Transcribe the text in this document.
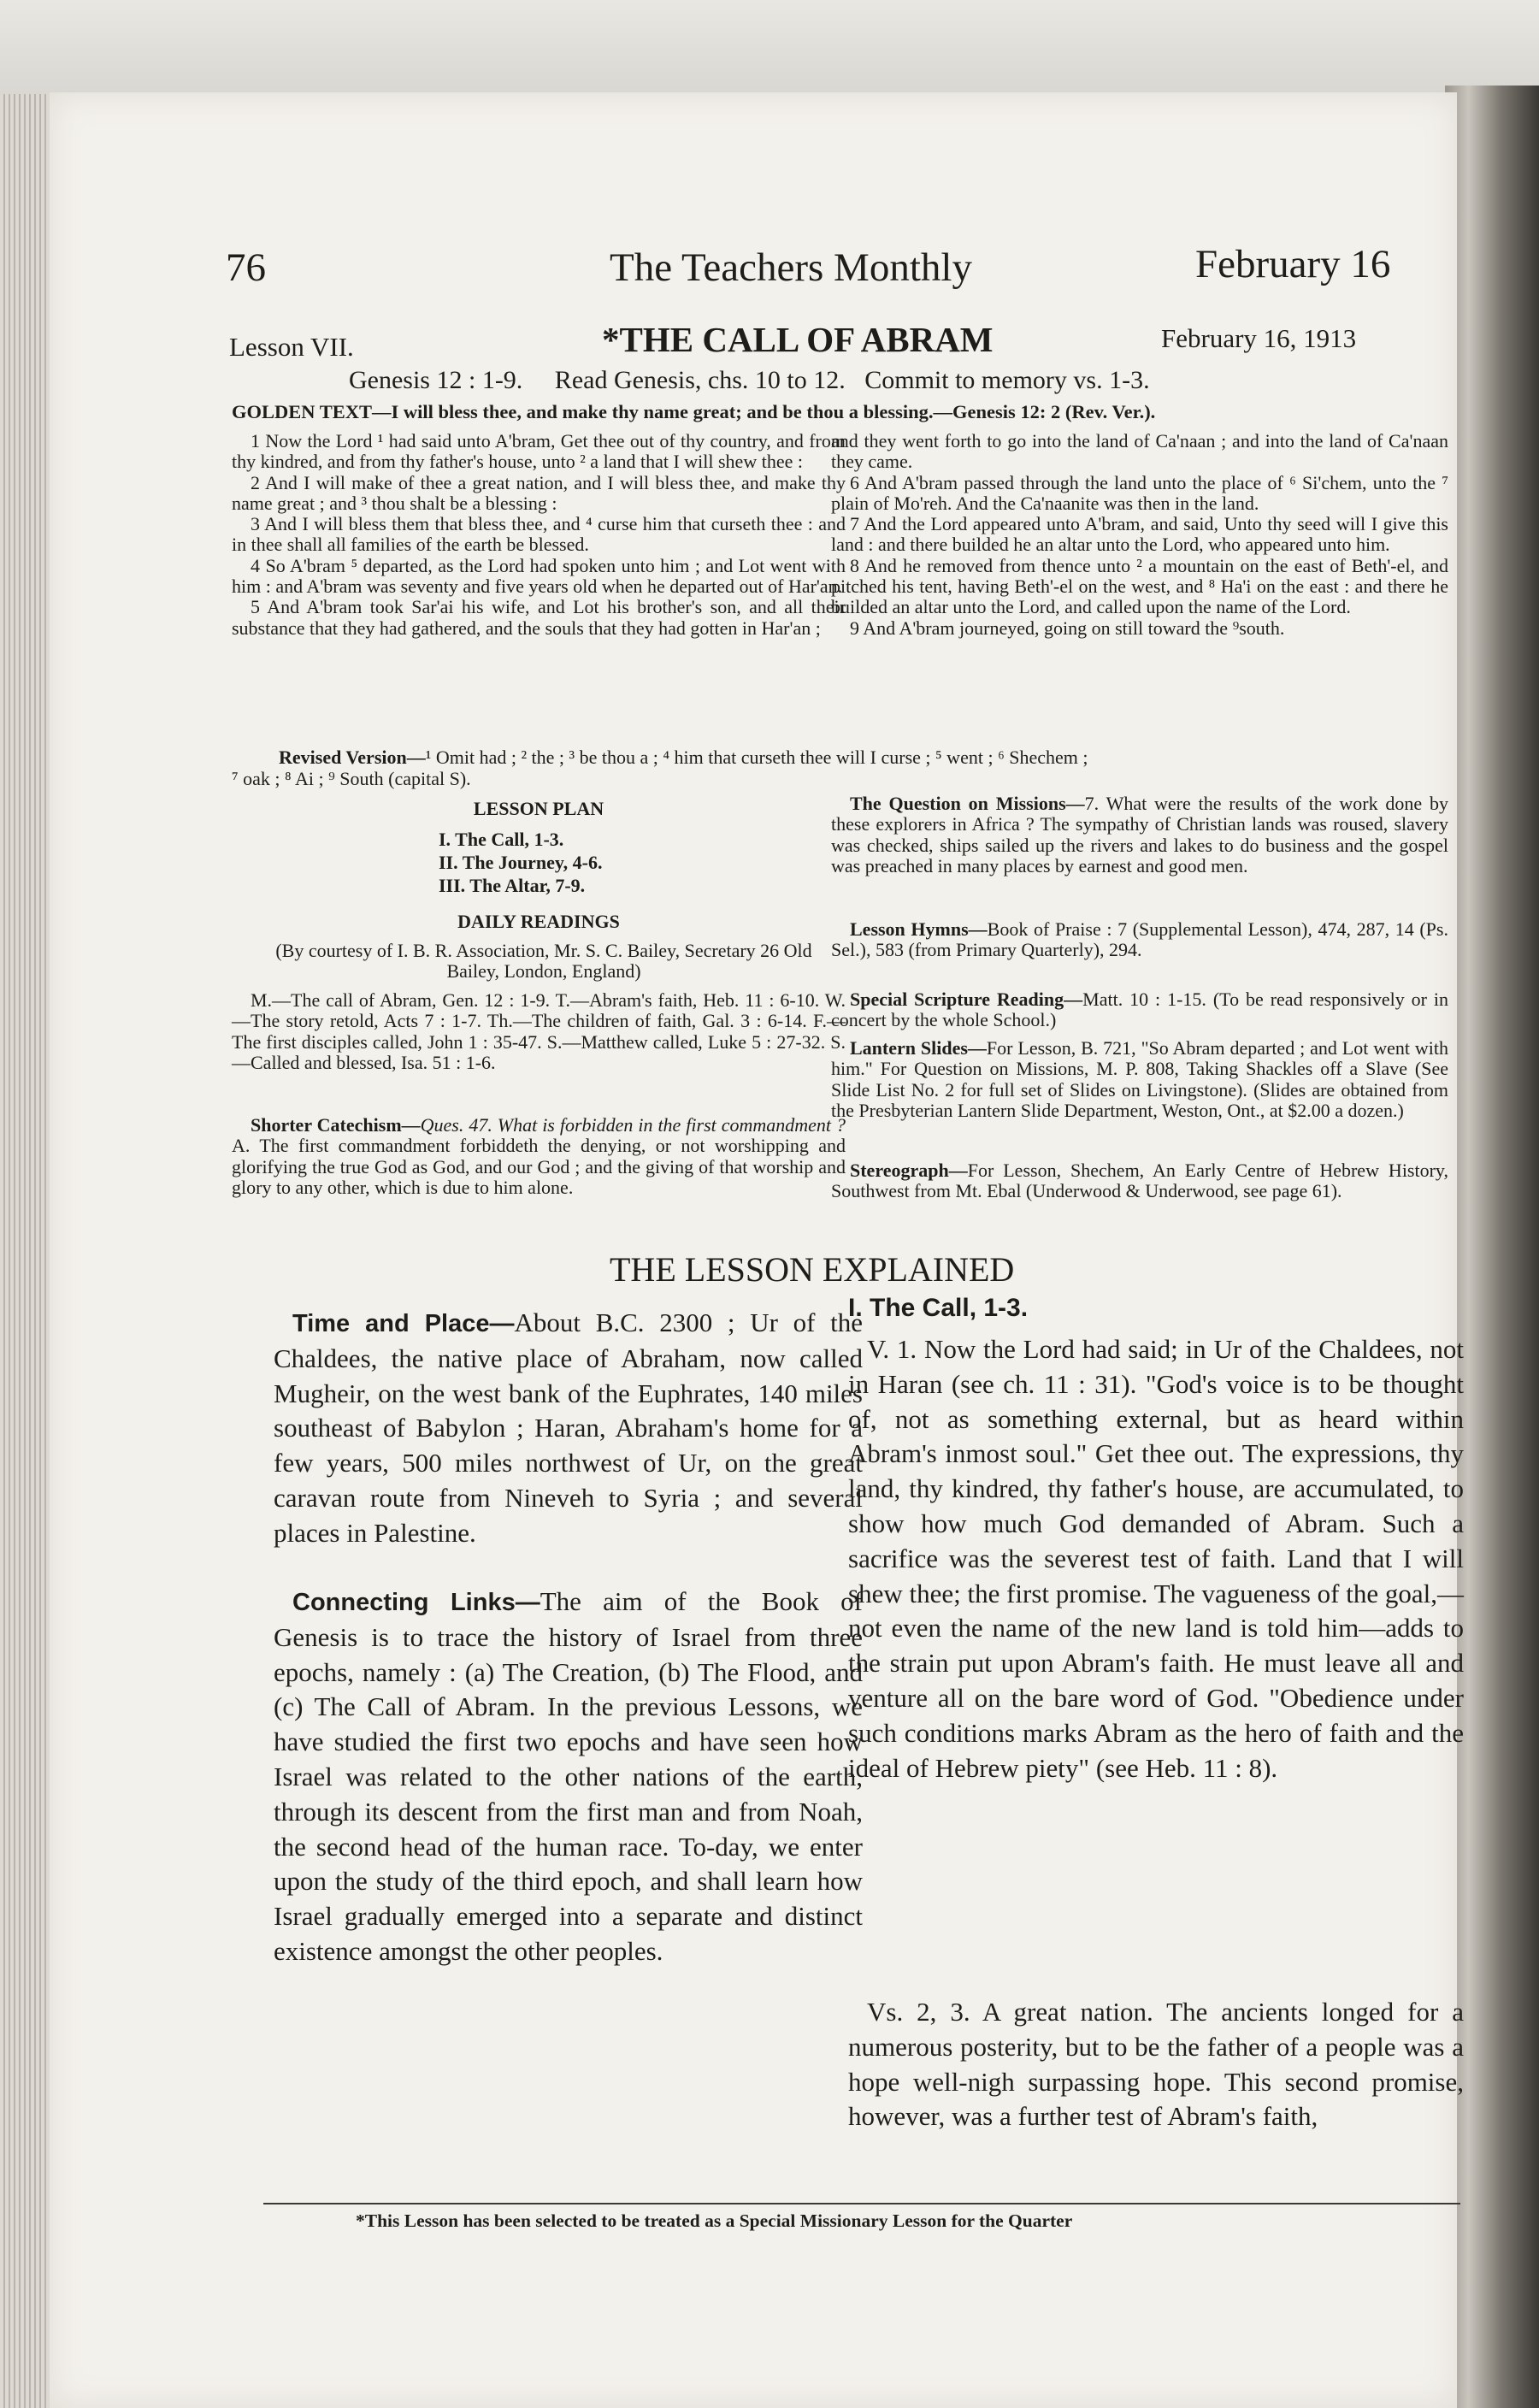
76	The Teachers Monthly	February 16
Lesson VII.	*THE CALL OF ABRAM	February 16, 1913
Genesis 12 : 1-9.     Read Genesis, chs. 10 to 12.   Commit to memory vs. 1-3.
GOLDEN TEXT—I will bless thee, and make thy name great; and be thou a blessing.—Genesis 12: 2 (Rev. Ver.).

1 Now the Lord ¹ had said unto A'bram, Get thee out of thy country, and from thy kindred, and from thy father's house, unto ² a land that I will shew thee :

2 And I will make of thee a great nation, and I will bless thee, and make thy name great ; and ³ thou shalt be a blessing :

3 And I will bless them that bless thee, and ⁴ curse him that curseth thee : and in thee shall all families of the earth be blessed.

4 So A'bram ⁵ departed, as the Lord had spoken unto him ; and Lot went with him : and A'bram was seventy and five years old when he departed out of Har'an.

5 And A'bram took Sar'ai his wife, and Lot his brother's son, and all their substance that they had gathered, and the souls that they had gotten in Har'an ;

and they went forth to go into the land of Ca'naan ; and into the land of Ca'naan they came.

6 And A'bram passed through the land unto the place of ⁶ Si'chem, unto the ⁷ plain of Mo'reh. And the Ca'naanite was then in the land.

7 And the Lord appeared unto A'bram, and said, Unto thy seed will I give this land : and there builded he an altar unto the Lord, who appeared unto him.

8 And he removed from thence unto ² a mountain on the east of Beth'-el, and pitched his tent, having Beth'-el on the west, and ⁸ Ha'i on the east : and there he builded an altar unto the Lord, and called upon the name of the Lord.

9 And A'bram journeyed, going on still toward the ⁹south.

Revised Version—¹ Omit had ; ² the ; ³ be thou a ; ⁴ him that curseth thee will I curse ; ⁵ went ; ⁶ Shechem ;
⁷ oak ; ⁸ Ai ; ⁹ South (capital S).
LESSON PLAN
I. The Call, 1-3.
II. The Journey, 4-6.
III. The Altar, 7-9.
DAILY READINGS
(By courtesy of I. B. R. Association, Mr. S. C. Bailey, Secretary 26 Old Bailey, London, England)
M.—The call of Abram, Gen. 12 : 1-9. T.—Abram's faith, Heb. 11 : 6-10. W.—The story retold, Acts 7 : 1-7. Th.—The children of faith, Gal. 3 : 6-14. F.—The first disciples called, John 1 : 35-47. S.—Matthew called, Luke 5 : 27-32. S.—Called and blessed, Isa. 51 : 1-6.
Shorter Catechism—Ques. 47. What is forbidden in the first commandment ? A. The first commandment forbiddeth the denying, or not worshipping and glorifying the true God as God, and our God ; and the giving of that worship and glory to any other, which is due to him alone.
The Question on Missions—7. What were the results of the work done by these explorers in Africa ? The sympathy of Christian lands was roused, slavery was checked, ships sailed up the rivers and lakes to do business and the gospel was preached in many places by earnest and good men.
Lesson Hymns—Book of Praise : 7 (Supplemental Lesson), 474, 287, 14 (Ps. Sel.), 583 (from Primary Quarterly), 294.
Special Scripture Reading—Matt. 10 : 1-15. (To be read responsively or in concert by the whole School.)
Lantern Slides—For Lesson, B. 721, "So Abram departed ; and Lot went with him." For Question on Missions, M. P. 808, Taking Shackles off a Slave (See Slide List No. 2 for full set of Slides on Livingstone). (Slides are obtained from the Presbyterian Lantern Slide Department, Weston, Ont., at $2.00 a dozen.)
Stereograph—For Lesson, Shechem, An Early Centre of Hebrew History, Southwest from Mt. Ebal (Underwood & Underwood, see page 61).
THE LESSON EXPLAINED
Time and Place—About B.C. 2300 ; Ur of the Chaldees, the native place of Abraham, now called Mugheir, on the west bank of the Euphrates, 140 miles southeast of Babylon ; Haran, Abraham's home for a few years, 500 miles northwest of Ur, on the great caravan route from Nineveh to Syria ; and several places in Palestine.
Connecting Links—The aim of the Book of Genesis is to trace the history of Israel from three epochs, namely : (a) The Creation, (b) The Flood, and (c) The Call of Abram. In the previous Lessons, we have studied the first two epochs and have seen how Israel was related to the other nations of the earth, through its descent from the first man and from Noah, the second head of the human race. To-day, we enter upon the study of the third epoch, and shall learn how Israel gradually emerged into a separate and distinct existence amongst the other peoples.
I. The Call, 1-3.
V. 1. Now the Lord had said; in Ur of the Chaldees, not in Haran (see ch. 11 : 31). "God's voice is to be thought of, not as something external, but as heard within Abram's inmost soul." Get thee out. The expressions, thy land, thy kindred, thy father's house, are accumulated, to show how much God demanded of Abram. Such a sacrifice was the severest test of faith. Land that I will shew thee; the first promise. The vagueness of the goal,—not even the name of the new land is told him—adds to the strain put upon Abram's faith. He must leave all and venture all on the bare word of God. "Obedience under such conditions marks Abram as the hero of faith and the ideal of Hebrew piety" (see Heb. 11 : 8).
Vs. 2, 3. A great nation. The ancients longed for a numerous posterity, but to be the father of a people was a hope well-nigh surpassing hope. This second promise, however, was a further test of Abram's faith,
*This Lesson has been selected to be treated as a Special Missionary Lesson for the Quarter
